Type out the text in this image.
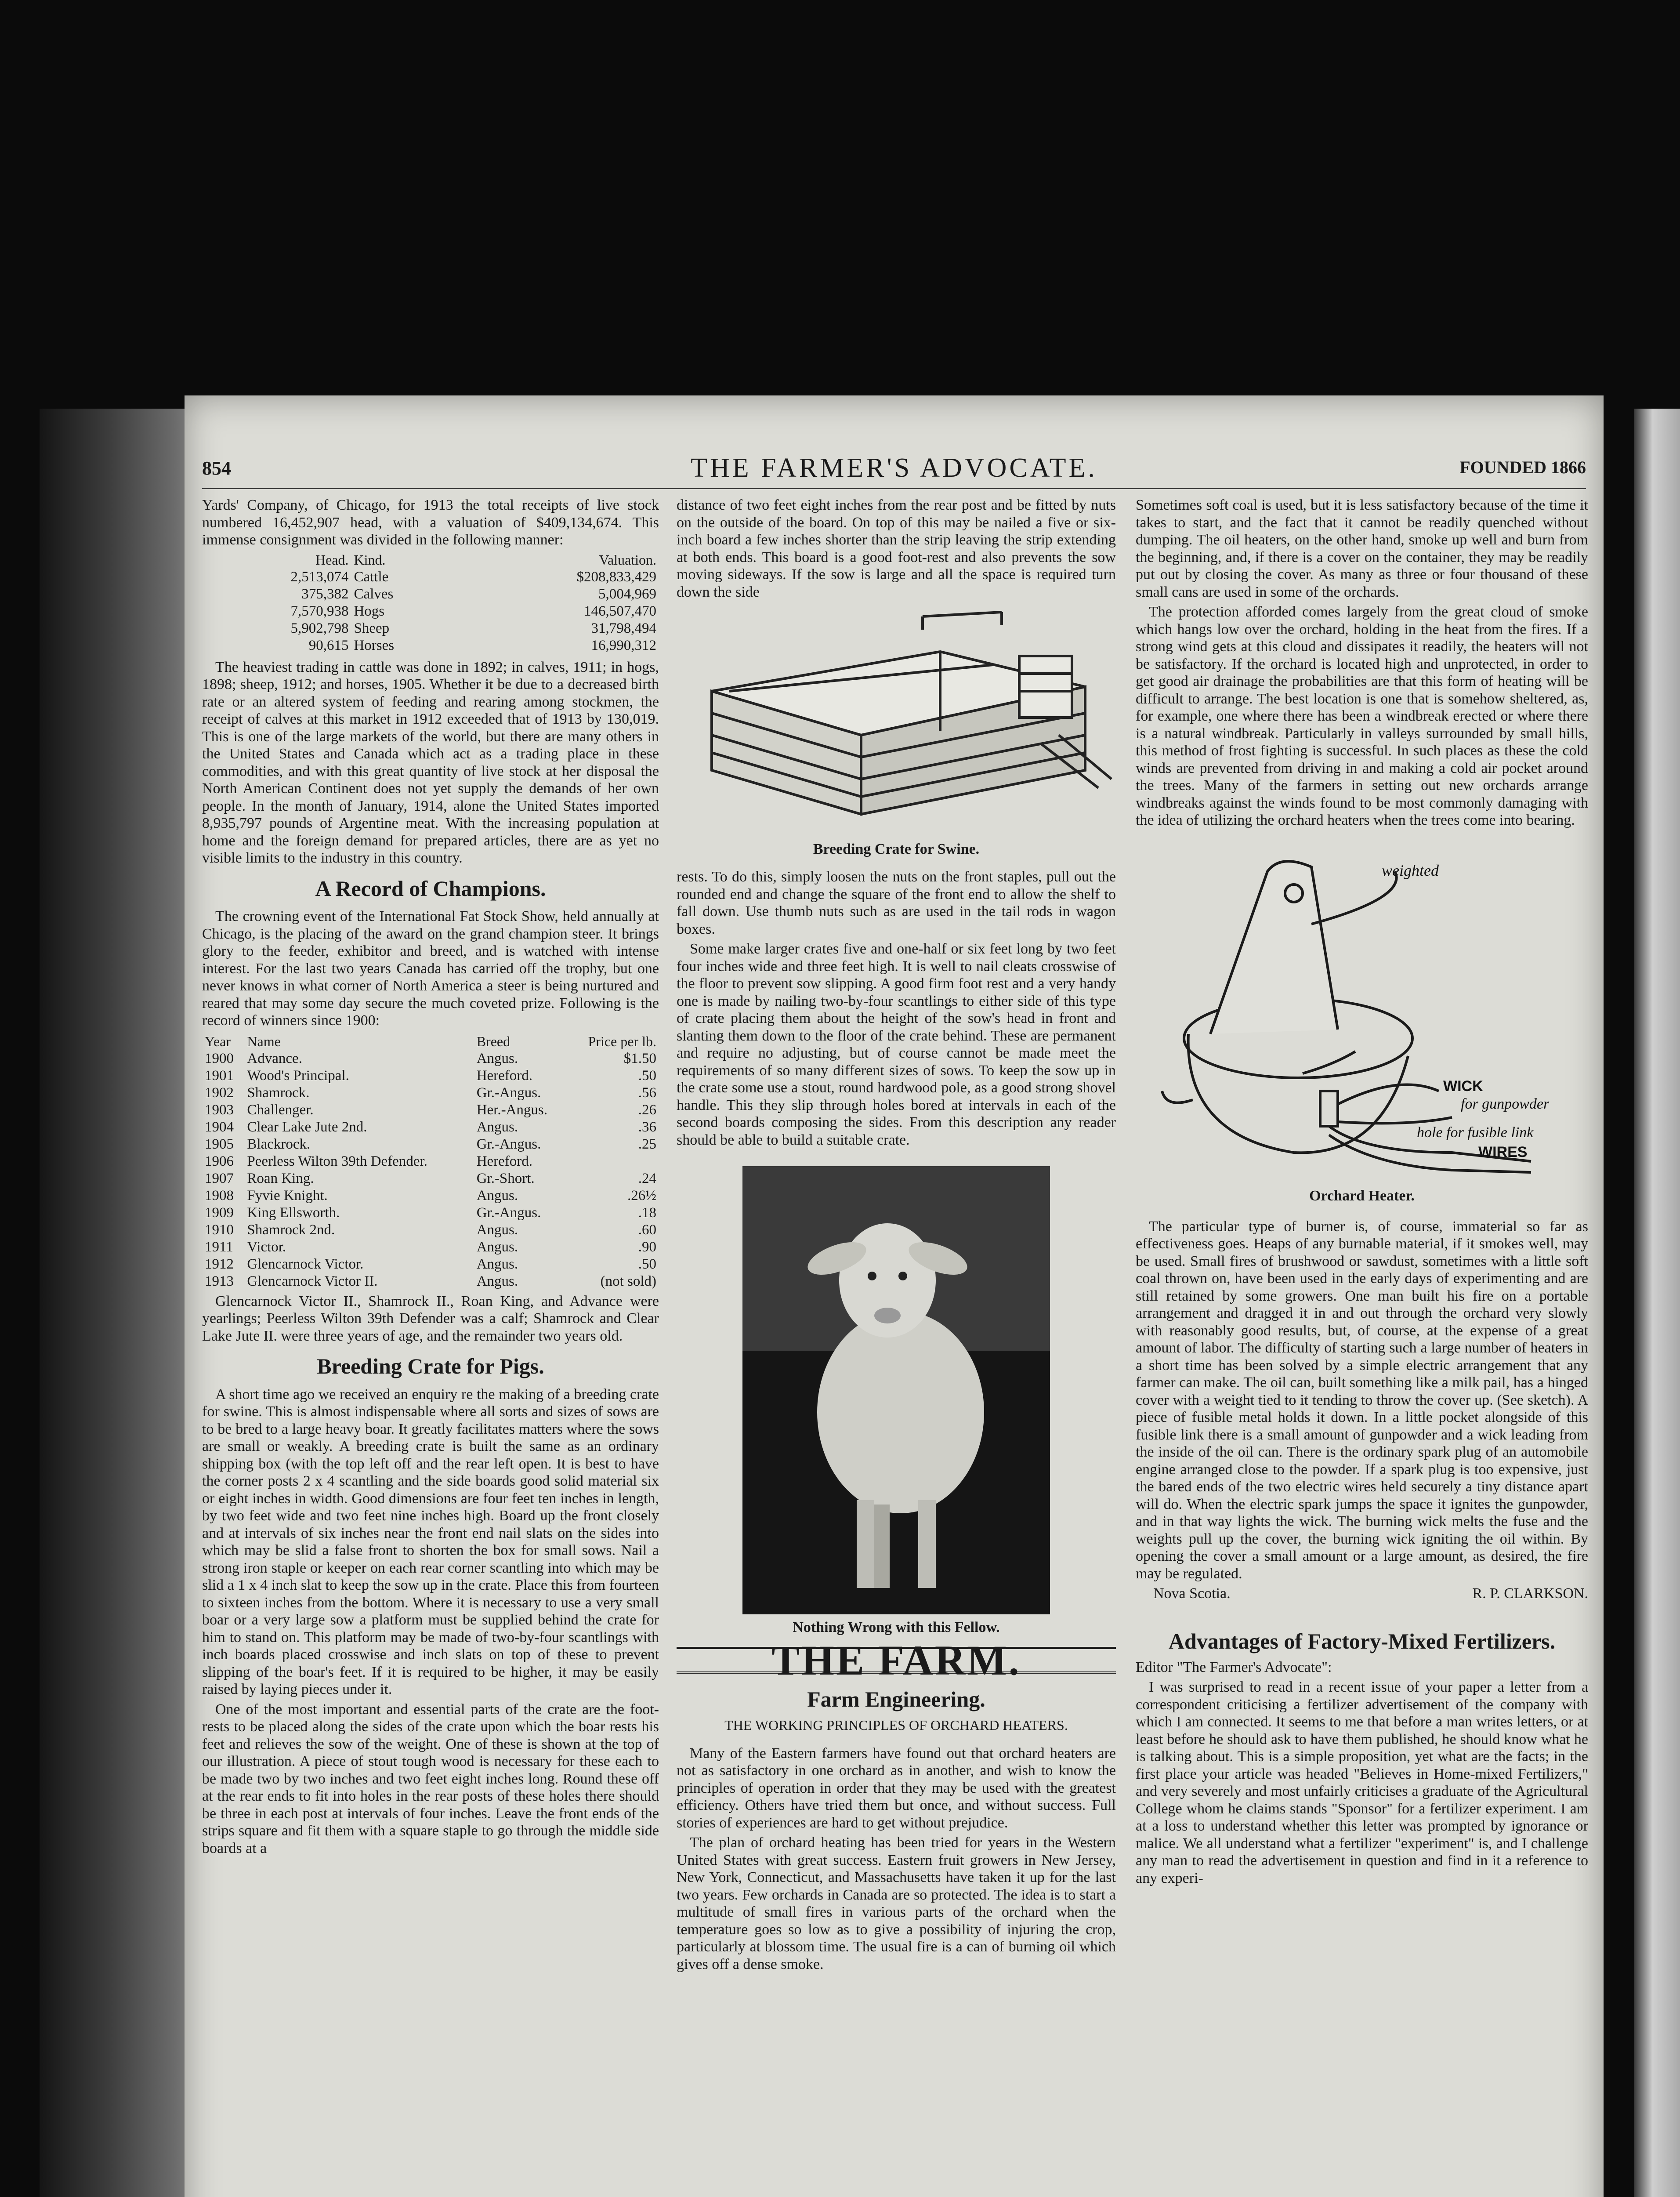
854	THE FARMER'S ADVOCATE.	FOUNDED 1866

Yards' Company, of Chicago, for 1913 the total receipts of live stock numbered 16,452,907 head, with a valuation of $409,134,674. This immense consignment was divided in the following manner:

Head.	Kind.	Valuation.
2,513,074	Cattle	$208,833,429
375,382	Calves	5,004,969
7,570,938	Hogs	146,507,470
5,902,798	Sheep	31,798,494
90,615	Horses	16,990,312

The heaviest trading in cattle was done in 1892; in calves, 1911; in hogs, 1898; sheep, 1912; and horses, 1905. Whether it be due to a decreased birth rate or an altered system of feeding and rearing among stockmen, the receipt of calves at this market in 1912 exceeded that of 1913 by 130,019. This is one of the large markets of the world, but there are many others in the United States and Canada which act as a trading place in these commodities, and with this great quantity of live stock at her disposal the North American Continent does not yet supply the demands of her own people. In the month of January, 1914, alone the United States imported 8,935,797 pounds of Argentine meat. With the increasing population at home and the foreign demand for prepared articles, there are as yet no visible limits to the industry in this country.

A Record of Champions.

The crowning event of the International Fat Stock Show, held annually at Chicago, is the placing of the award on the grand champion steer. It brings glory to the feeder, exhibitor and breed, and is watched with intense interest. For the last two years Canada has carried off the trophy, but one never knows in what corner of North America a steer is being nurtured and reared that may some day secure the much coveted prize. Following is the record of winners since 1900:

Year	Name	Breed	Price per lb.
1900	Advance.	Angus.	$1.50
1901	Wood's Principal.	Hereford.	.50
1902	Shamrock.	Gr.-Angus.	.56
1903	Challenger.	Her.-Angus.	.26
1904	Clear Lake Jute 2nd.	Angus.	.36
1905	Blackrock.	Gr.-Angus.	.25
1906	Peerless Wilton 39th Defender.	Hereford.	
1907	Roan King.	Gr.-Short.	.24
1908	Fyvie Knight.	Angus.	.26½
1909	King Ellsworth.	Gr.-Angus.	.18
1910	Shamrock 2nd.	Angus.	.60
1911	Victor.	Angus.	.90
1912	Glencarnock Victor.	Angus.	.50
1913	Glencarnock Victor II.	Angus.	(not sold)

Glencarnock Victor II., Shamrock II., Roan King, and Advance were yearlings; Peerless Wilton 39th Defender was a calf; Shamrock and Clear Lake Jute II. were three years of age, and the remainder two years old.

Breeding Crate for Pigs.

A short time ago we received an enquiry re the making of a breeding crate for swine. This is almost indispensable where all sorts and sizes of sows are to be bred to a large heavy boar. It greatly facilitates matters where the sows are small or weakly. A breeding crate is built the same as an ordinary shipping box (with the top left off and the rear left open. It is best to have the corner posts 2 x 4 scantling and the side boards good solid material six or eight inches in width. Good dimensions are four feet ten inches in length, by two feet wide and two feet nine inches high. Board up the front closely and at intervals of six inches near the front end nail slats on the sides into which may be slid a false front to shorten the box for small sows. Nail a strong iron staple or keeper on each rear corner scantling into which may be slid a 1 x 4 inch slat to keep the sow up in the crate. Place this from fourteen to sixteen inches from the bottom. Where it is necessary to use a very small boar or a very large sow a platform must be supplied behind the crate for him to stand on. This platform may be made of two-by-four scantlings with inch boards placed crosswise and inch slats on top of these to prevent slipping of the boar's feet. If it is required to be higher, it may be easily raised by laying pieces under it.

One of the most important and essential parts of the crate are the foot-rests to be placed along the sides of the crate upon which the boar rests his feet and relieves the sow of the weight. One of these is shown at the top of our illustration. A piece of stout tough wood is necessary for these each to be made two by two inches and two feet eight inches long. Round these off at the rear ends to fit into holes in the rear posts of these holes there should be three in each post at intervals of four inches. Leave the front ends of the strips square and fit them with a square staple to go through the middle side boards at a

distance of two feet eight inches from the rear post and be fitted by nuts on the outside of the board. On top of this may be nailed a five or six-inch board a few inches shorter than the strip leaving the strip extending at both ends. This board is a good foot-rest and also prevents the sow moving sideways. If the sow is large and all the space is required turn down the side

Breeding Crate for Swine.

rests. To do this, simply loosen the nuts on the front staples, pull out the rounded end and change the square of the front end to allow the shelf to fall down. Use thumb nuts such as are used in the tail rods in wagon boxes.

Some make larger crates five and one-half or six feet long by two feet four inches wide and three feet high. It is well to nail cleats crosswise of the floor to prevent sow slipping. A good firm foot rest and a very handy one is made by nailing two-by-four scantlings to either side of this type of crate placing them about the height of the sow's head in front and slanting them down to the floor of the crate behind. These are permanent and require no adjusting, but of course cannot be made meet the requirements of so many different sizes of sows. To keep the sow up in the crate some use a stout, round hardwood pole, as a good strong shovel handle. This they slip through holes bored at intervals in each of the second boards composing the sides. From this description any reader should be able to build a suitable crate.

Nothing Wrong with this Fellow.
THE FARM.
Farm Engineering.
THE WORKING PRINCIPLES OF ORCHARD HEATERS.

Many of the Eastern farmers have found out that orchard heaters are not as satisfactory in one orchard as in another, and wish to know the principles of operation in order that they may be used with the greatest efficiency. Others have tried them but once, and without success. Full stories of experiences are hard to get without prejudice.

The plan of orchard heating has been tried for years in the Western United States with great success. Eastern fruit growers in New Jersey, New York, Connecticut, and Massachusetts have taken it up for the last two years. Few orchards in Canada are so protected. The idea is to start a multitude of small fires in various parts of the orchard when the temperature goes so low as to give a possibility of injuring the crop, particularly at blossom time. The usual fire is a can of burning oil which gives off a dense smoke.

Sometimes soft coal is used, but it is less satisfactory because of the time it takes to start, and the fact that it cannot be readily quenched without dumping. The oil heaters, on the other hand, smoke up well and burn from the beginning, and, if there is a cover on the container, they may be readily put out by closing the cover. As many as three or four thousand of these small cans are used in some of the orchards.

The protection afforded comes largely from the great cloud of smoke which hangs low over the orchard, holding in the heat from the fires. If a strong wind gets at this cloud and dissipates it readily, the heaters will not be satisfactory. If the orchard is located high and unprotected, in order to get good air drainage the probabilities are that this form of heating will be difficult to arrange. The best location is one that is somehow sheltered, as, for example, one where there has been a windbreak erected or where there is a natural windbreak. Particularly in valleys surrounded by small hills, this method of frost fighting is successful. In such places as these the cold winds are prevented from driving in and making a cold air pocket around the trees. Many of the farmers in setting out new orchards arrange windbreaks against the winds found to be most commonly damaging with the idea of utilizing the orchard heaters when the trees come into bearing.

weighted
WICK
for gunpowder
hole for fusible link
WIRES
Orchard Heater.

The particular type of burner is, of course, immaterial so far as effectiveness goes. Heaps of any burnable material, if it smokes well, may be used. Small fires of brushwood or sawdust, sometimes with a little soft coal thrown on, have been used in the early days of experimenting and are still retained by some growers. One man built his fire on a portable arrangement and dragged it in and out through the orchard very slowly with reasonably good results, but, of course, at the expense of a great amount of labor. The difficulty of starting such a large number of heaters in a short time has been solved by a simple electric arrangement that any farmer can make. The oil can, built something like a milk pail, has a hinged cover with a weight tied to it tending to throw the cover up. (See sketch). A piece of fusible metal holds it down. In a little pocket alongside of this fusible link there is a small amount of gunpowder and a wick leading from the inside of the oil can. There is the ordinary spark plug of an automobile engine arranged close to the powder. If a spark plug is too expensive, just the bared ends of the two electric wires held securely a tiny distance apart will do. When the electric spark jumps the space it ignites the gunpowder, and in that way lights the wick. The burning wick melts the fuse and the weights pull up the cover, the burning wick igniting the oil within. By opening the cover a small amount or a large amount, as desired, the fire may be regulated.

Nova Scotia.	R. P. CLARKSON.
Advantages of Factory-Mixed Fertilizers.

Editor "The Farmer's Advocate":

I was surprised to read in a recent issue of your paper a letter from a correspondent criticising a fertilizer advertisement of the company with which I am connected. It seems to me that before a man writes letters, or at least before he should ask to have them published, he should know what he is talking about. This is a simple proposition, yet what are the facts; in the first place your article was headed "Believes in Home-mixed Fertilizers," and very severely and most unfairly criticises a graduate of the Agricultural College whom he claims stands "Sponsor" for a fertilizer experiment. I am at a loss to understand whether this letter was prompted by ignorance or malice. We all understand what a fertilizer "experiment" is, and I challenge any man to read the advertisement in question and find in it a reference to any experi-
